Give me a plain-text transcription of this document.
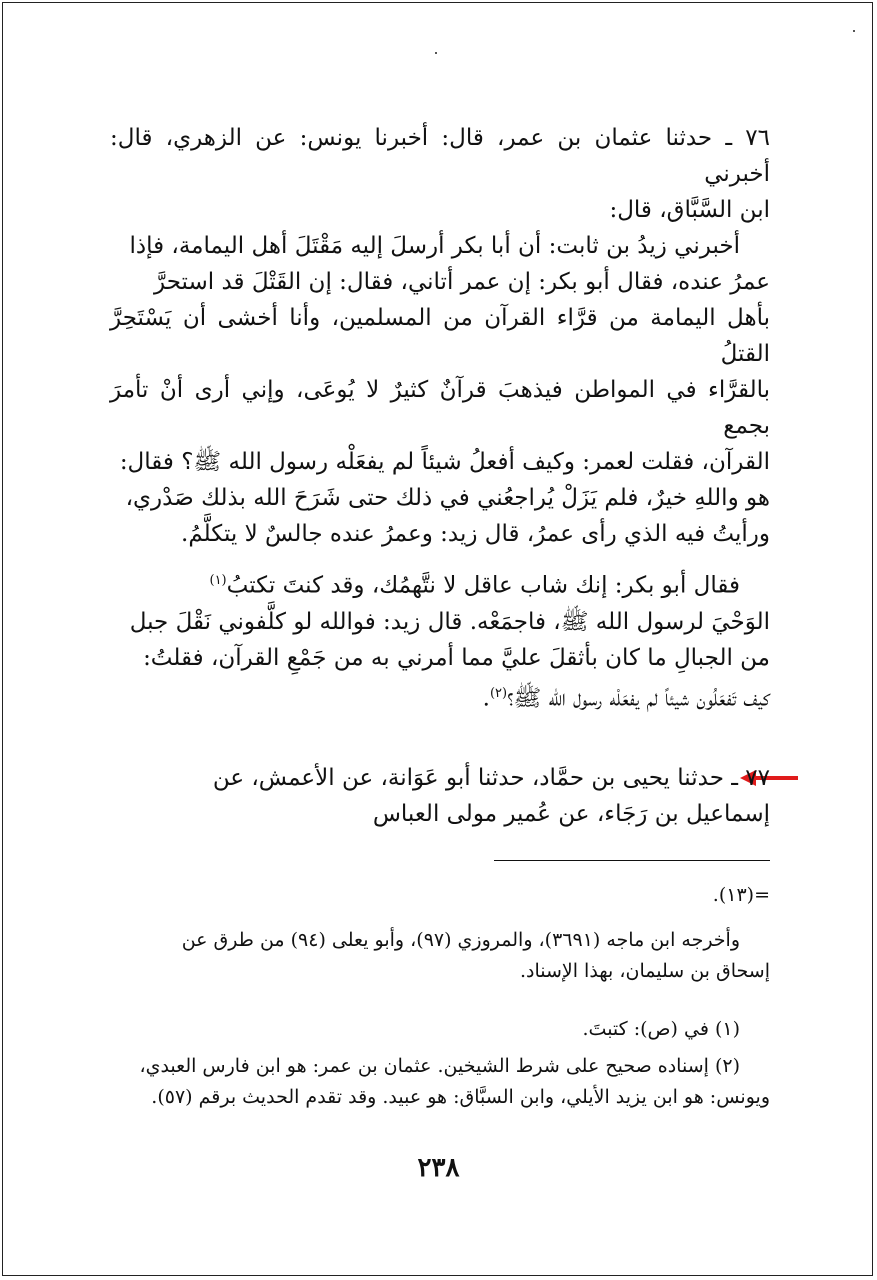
٧٦ ـ حدثنا عثمان بن عمر، قال: أخبرنا يونس: عن الزهري، قال: أخبرني

ابن السَّبَّاق، قال:

أخبرني زيدُ بن ثابت: أن أبا بكر أرسلَ إليه مَقْتَلَ أهل اليمامة، فإذا

عمرُ عنده، فقال أبو بكر: إن عمر أتاني، فقال: إن القَتْلَ قد استحرَّ

بأهل اليمامة من قرَّاء القرآن من المسلمين، وأنا أخشى أن يَسْتَحِرَّ القتلُ

بالقرَّاء في المواطن فيذهبَ قرآنٌ كثيرٌ لا يُوعَى، وإني أرى أنْ تأمرَ بجمع

القرآن، فقلت لعمر: وكيف أفعلُ شيئاً لم يفعَلْه رسول الله ﷺ؟ فقال:

هو واللهِ خيرٌ، فلم يَزَلْ يُراجعُني في ذلك حتى شَرَحَ الله بذلك صَدْري،

ورأيتُ فيه الذي رأى عمرُ، قال زيد: وعمرُ عنده جالسٌ لا يتكلَّمُ.

فقال أبو بكر: إنك شاب عاقل لا نتَّهمُك، وقد كنتَ تكتبُ$^{(١)}$

الوَحْيَ لرسول الله ﷺ، فاجمَعْه. قال زيد: فوالله لو كلَّفوني نَقْلَ جبل

من الجبالِ ما كان بأثقلَ عليَّ مما أمرني به من جَمْعِ القرآن، فقلتُ:

كيف تَفعَلُون شيئاً لم يفعَلْه رسول الله ﷺ؟$^{(٢)}$.

٧٧ ـ حدثنا يحيى بن حمَّاد، حدثنا أبو عَوَانة، عن الأعمش، عن

إسماعيل بن رَجَاء، عن عُمير مولى العباس

=(١٣).

وأخرجه ابن ماجه (٣٦٩١)، والمروزي (٩٧)، وأبو يعلى (٩٤) من طرق عن

إسحاق بن سليمان، بهذا الإسناد.

(١) في (ص): كتبتَ.

(٢) إسناده صحيح على شرط الشيخين. عثمان بن عمر: هو ابن فارس العبدي،

ويونس: هو ابن يزيد الأيلي، وابن السبَّاق: هو عبيد. وقد تقدم الحديث برقم (٥٧).

٢٣٨
